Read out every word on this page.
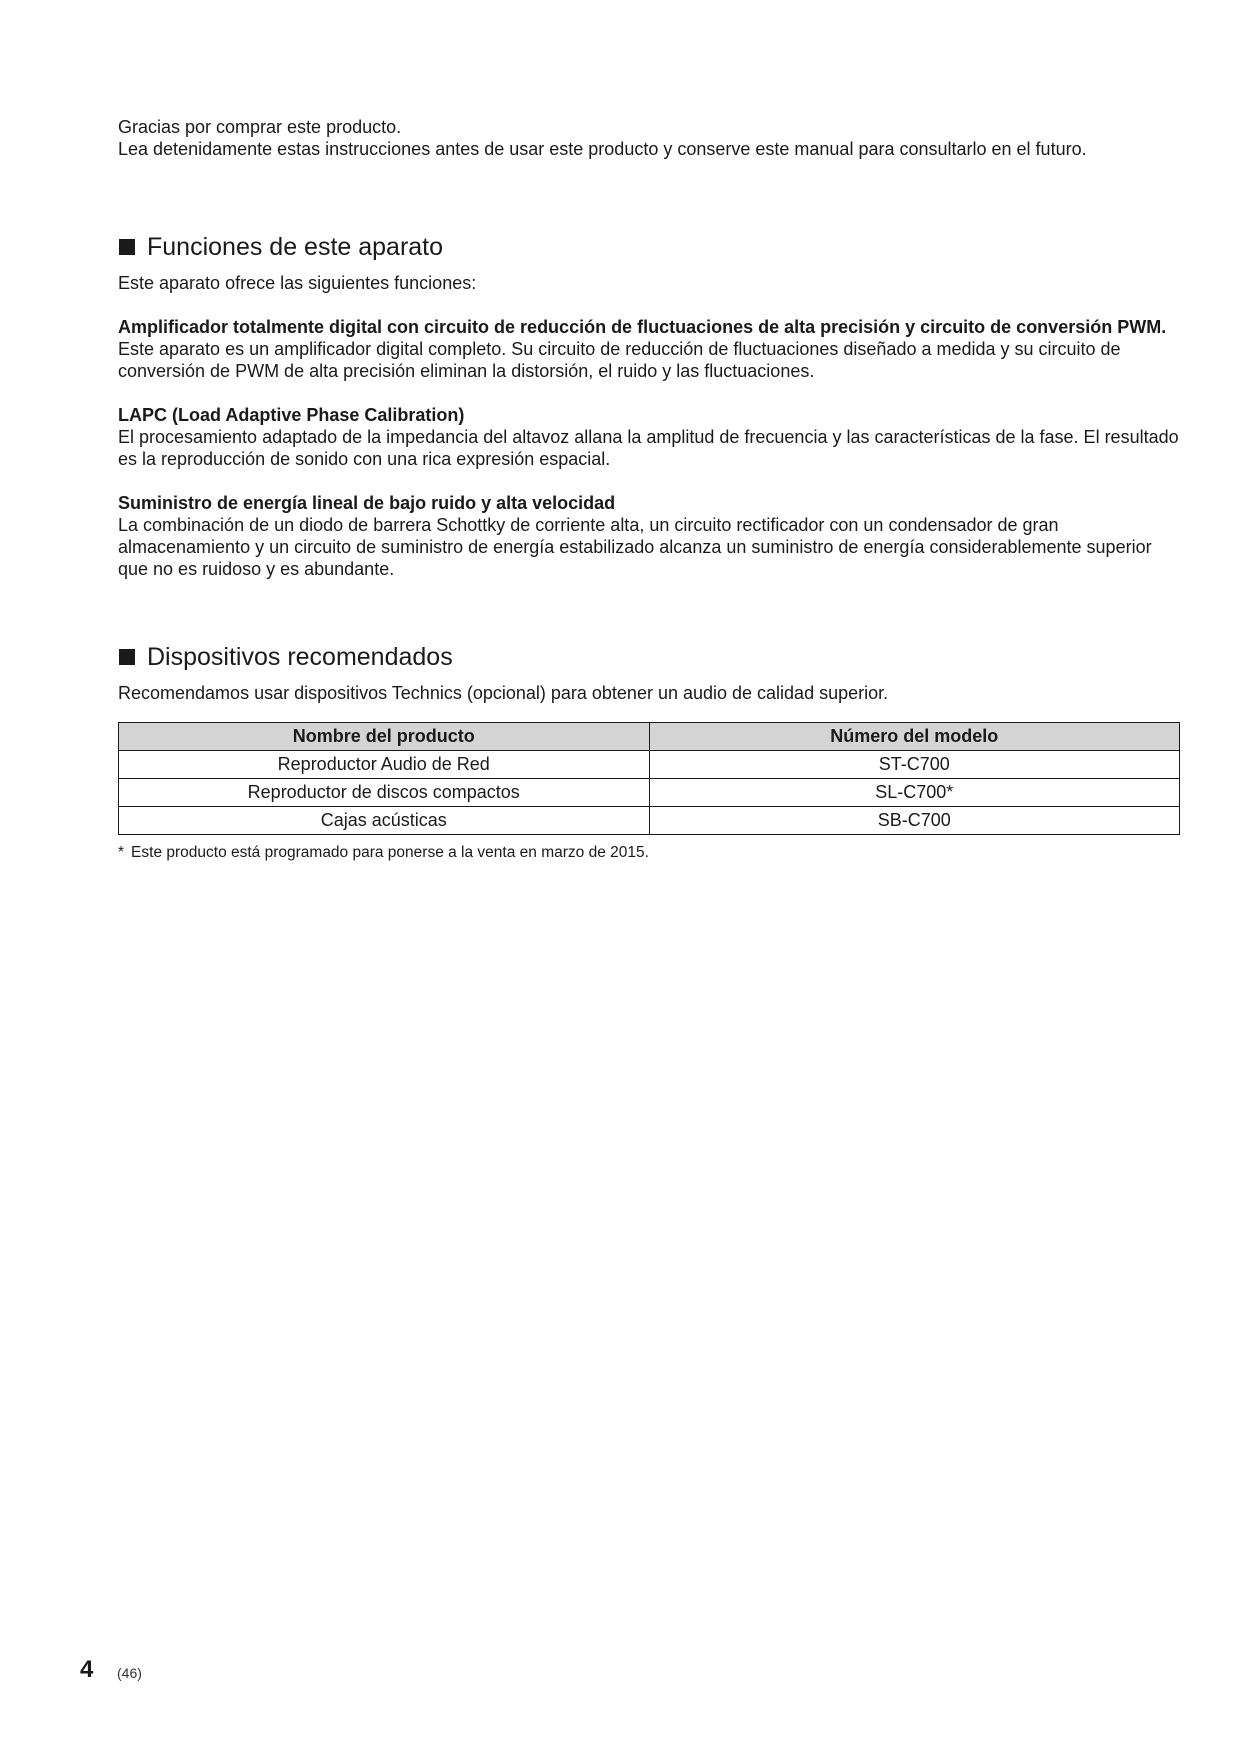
Gracias por comprar este producto.

Lea detenidamente estas instrucciones antes de usar este producto y conserve este manual para consultarlo en el futuro.

Funciones de este aparato

Este aparato ofrece las siguientes funciones:

Amplificador totalmente digital con circuito de reducción de fluctuaciones de alta precisión y circuito de conversión PWM.

Este aparato es un amplificador digital completo. Su circuito de reducción de fluctuaciones diseñado a medida y su circuito de conversión de PWM de alta precisión eliminan la distorsión, el ruido y las fluctuaciones.

LAPC (Load Adaptive Phase Calibration)

El procesamiento adaptado de la impedancia del altavoz allana la amplitud de frecuencia y las características de la fase. El resultado es la reproducción de sonido con una rica expresión espacial.

Suministro de energía lineal de bajo ruido y alta velocidad

La combinación de un diodo de barrera Schottky de corriente alta, un circuito rectificador con un condensador de gran almacenamiento y un circuito de suministro de energía estabilizado alcanza un suministro de energía considerablemente superior que no es ruidoso y es abundante.

Dispositivos recomendados

Recomendamos usar dispositivos Technics (opcional) para obtener un audio de calidad superior.

Nombre del producto	Número del modelo
Reproductor Audio de Red	ST-C700
Reproductor de discos compactos	SL-C700*
Cajas acústicas	SB-C700

* Este producto está programado para ponerse a la venta en marzo de 2015.

4 (46)
